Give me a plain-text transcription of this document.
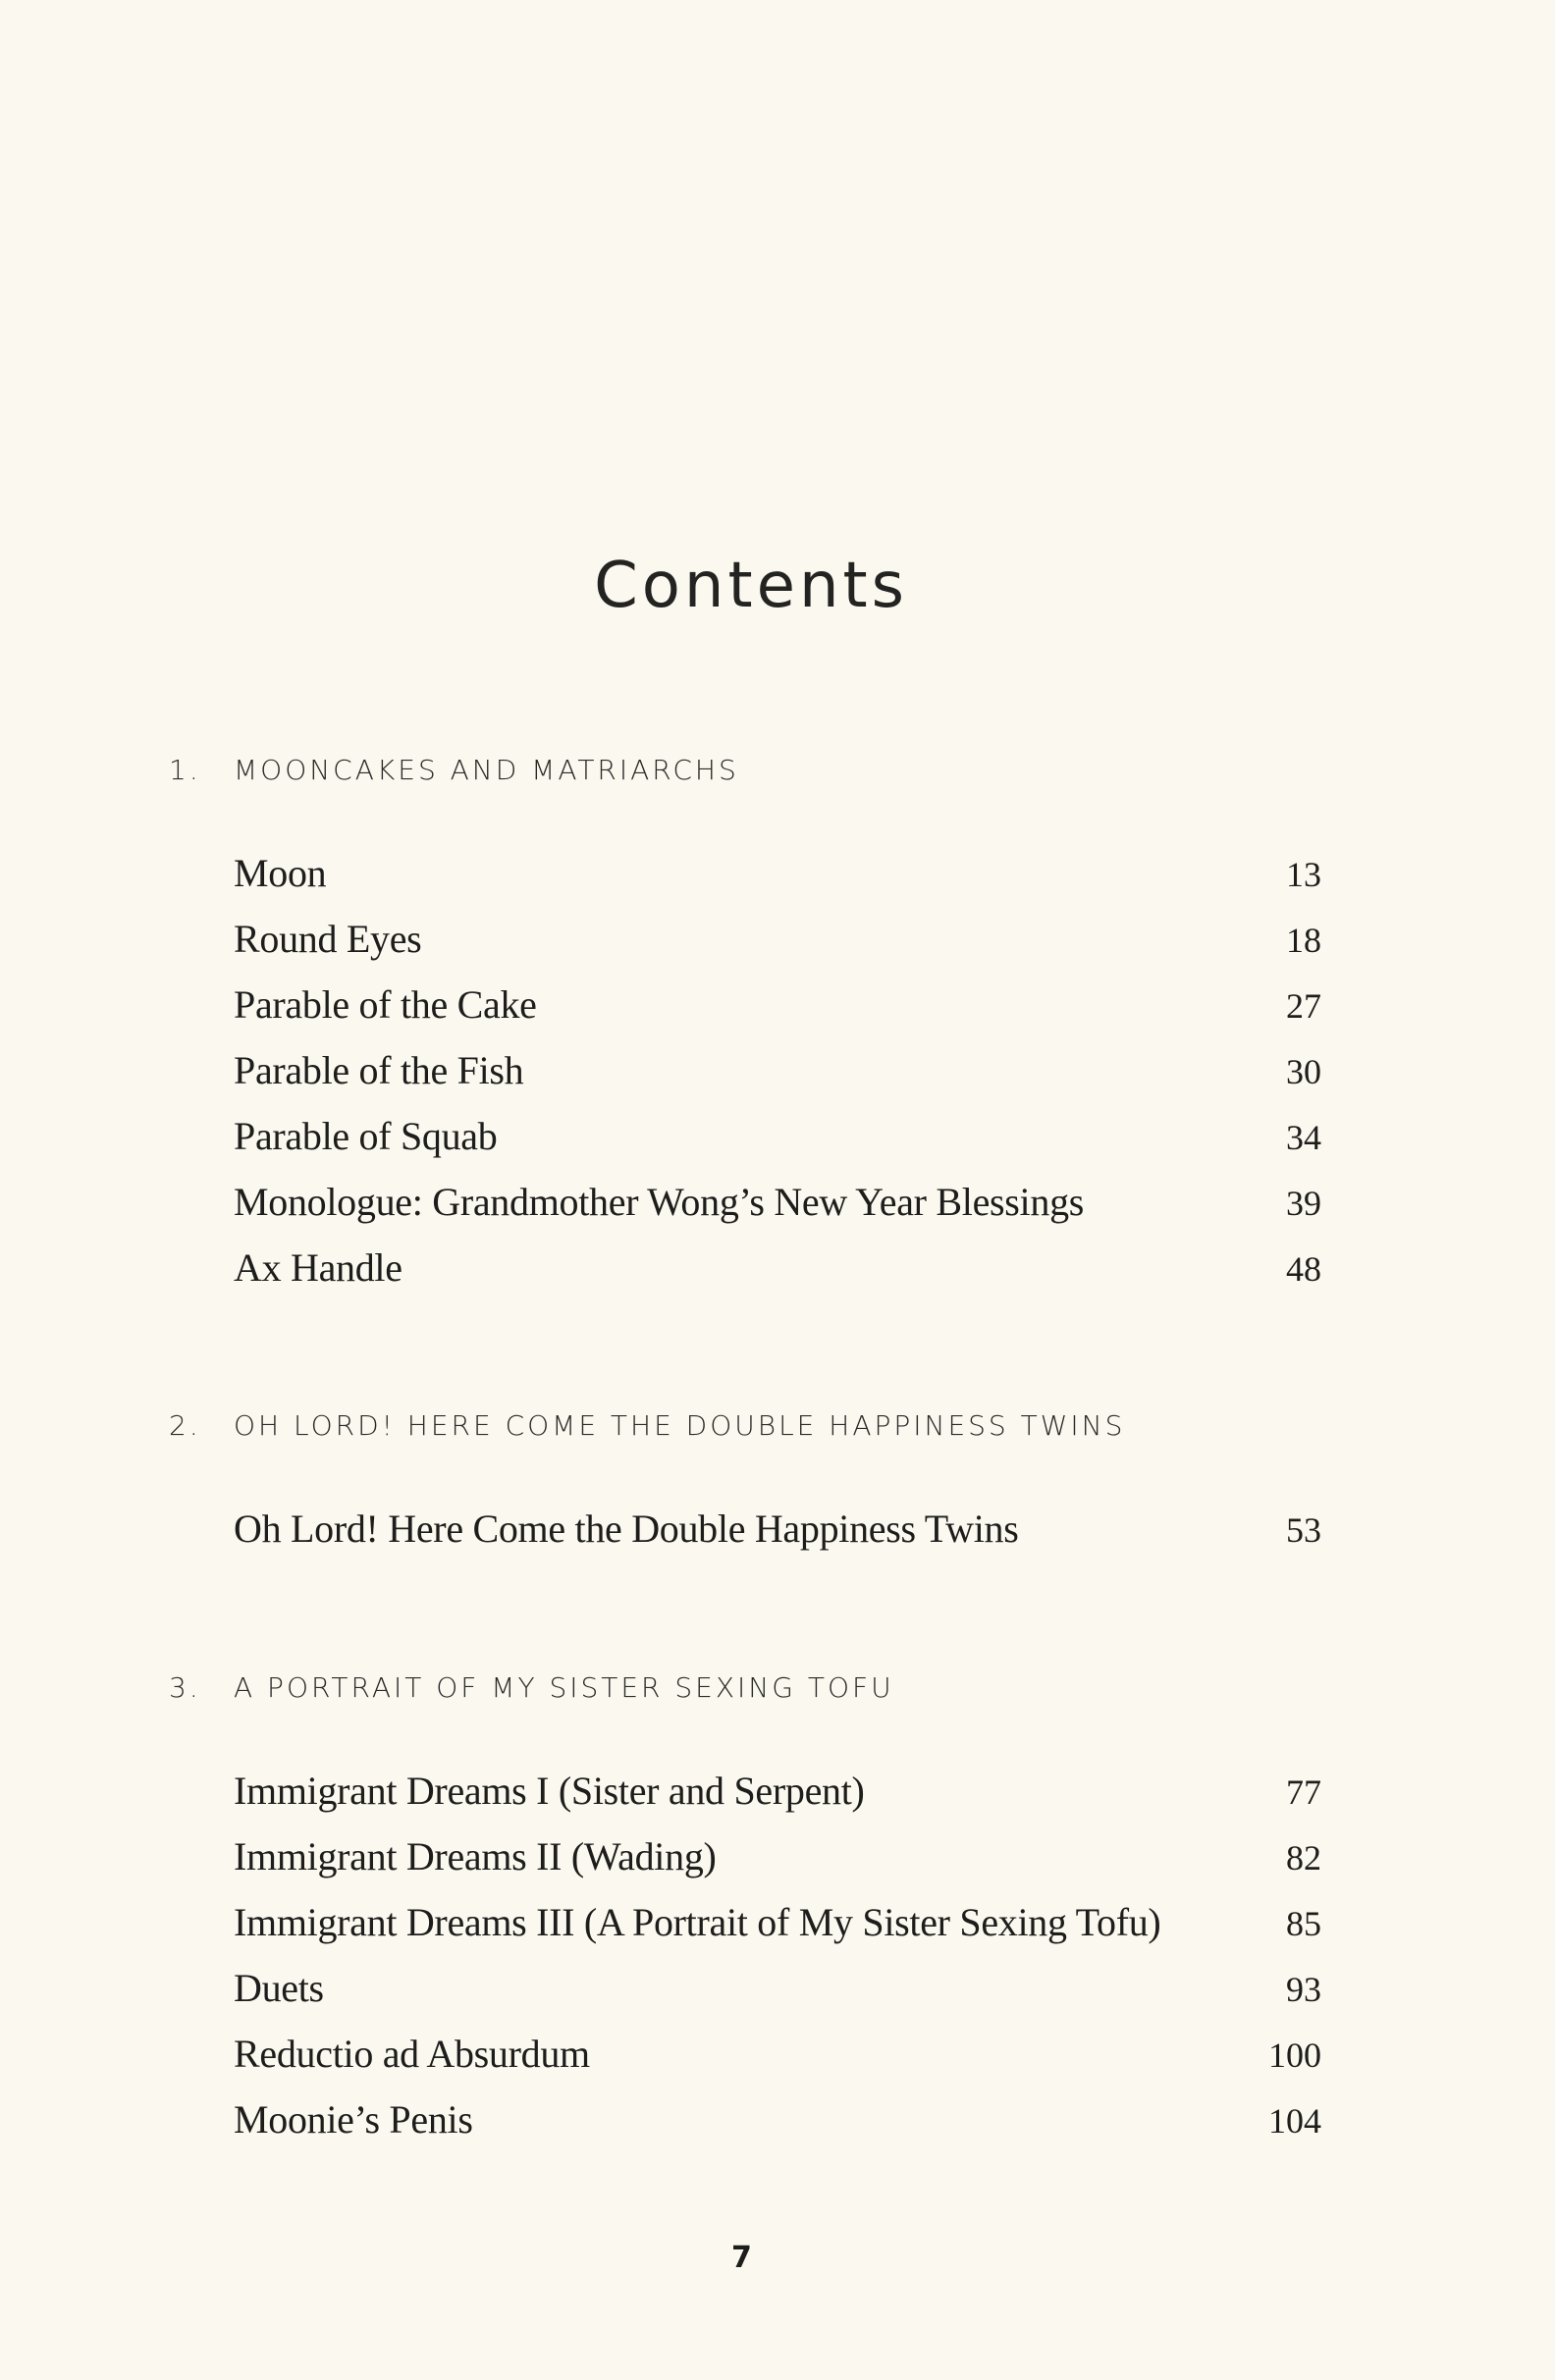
Contents
1. MOONCAKES AND MATRIARCHS
Moon	13
Round Eyes	18
Parable of the Cake	27
Parable of the Fish	30
Parable of Squab	34
Monologue: Grandmother Wong’s New Year Blessings	39
Ax Handle	48
2. OH LORD! HERE COME THE DOUBLE HAPPINESS TWINS
Oh Lord! Here Come the Double Happiness Twins	53
3. A PORTRAIT OF MY SISTER SEXING TOFU
Immigrant Dreams I (Sister and Serpent)	77
Immigrant Dreams II (Wading)	82
Immigrant Dreams III (A Portrait of My Sister Sexing Tofu)	85
Duets	93
Reductio ad Absurdum	100
Moonie’s Penis	104
7
